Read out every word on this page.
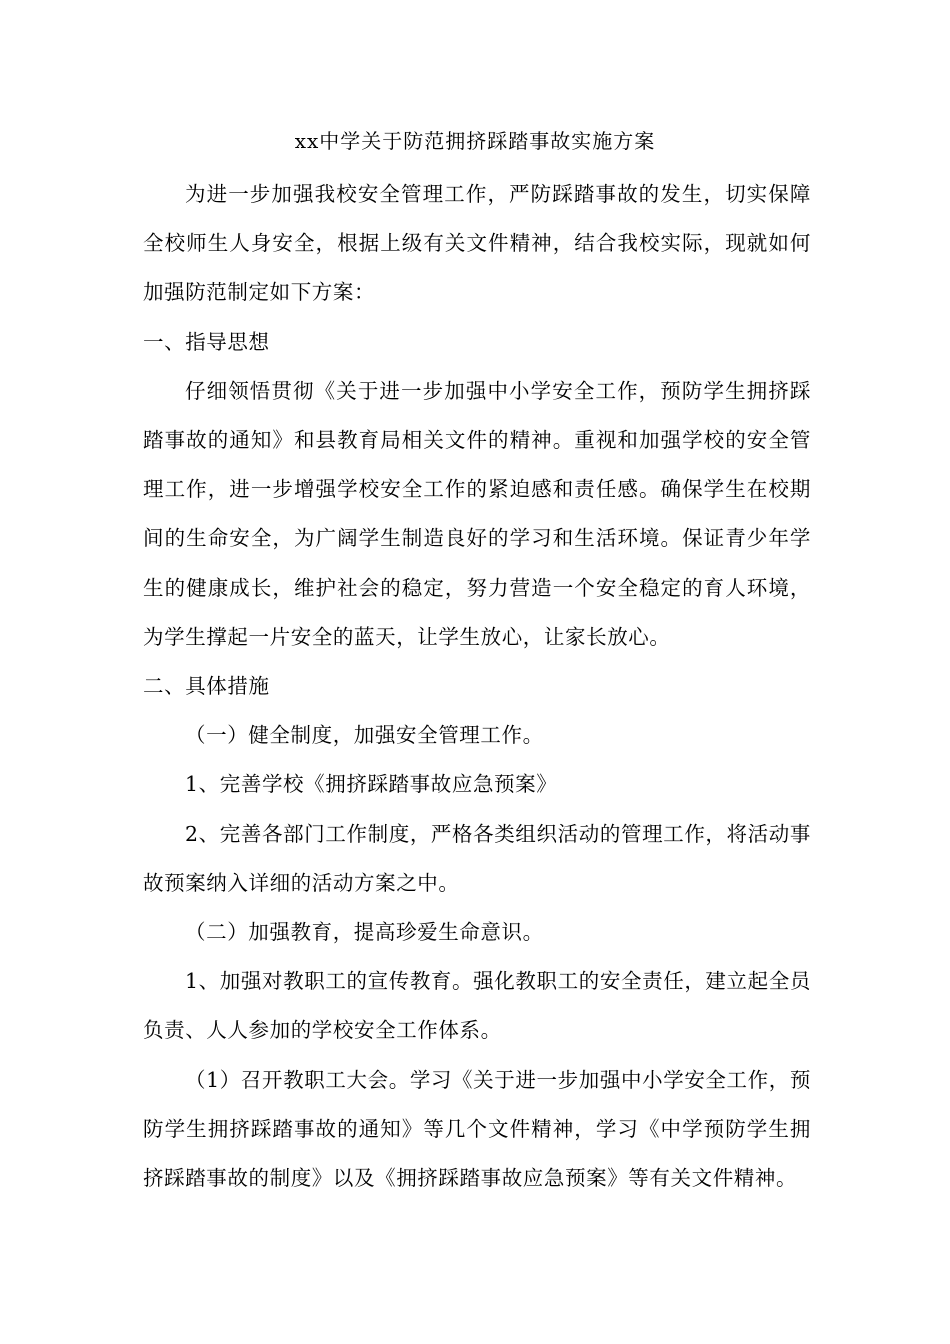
xx中学关于防范拥挤踩踏事故实施方案

为进一步加强我校安全管理工作，严防踩踏事故的发生，切实保障全校师生人身安全，根据上级有关文件精神，结合我校实际，现就如何加强防范制定如下方案：

一、指导思想

仔细领悟贯彻《关于进一步加强中小学安全工作，预防学生拥挤踩踏事故的通知》和县教育局相关文件的精神。重视和加强学校的安全管理工作，进一步增强学校安全工作的紧迫感和责任感。确保学生在校期间的生命安全，为广阔学生制造良好的学习和生活环境。保证青少年学生的健康成长，维护社会的稳定，努力营造一个安全稳定的育人环境，为学生撑起一片安全的蓝天，让学生放心，让家长放心。

二、具体措施

（一）健全制度，加强安全管理工作。

1、完善学校《拥挤踩踏事故应急预案》

2、完善各部门工作制度，严格各类组织活动的管理工作，将活动事故预案纳入详细的活动方案之中。

（二）加强教育，提高珍爱生命意识。

1、加强对教职工的宣传教育。强化教职工的安全责任，建立起全员负责、人人参加的学校安全工作体系。

（1）召开教职工大会。学习《关于进一步加强中小学安全工作，预防学生拥挤踩踏事故的通知》等几个文件精神，学习《中学预防学生拥挤踩踏事故的制度》以及《拥挤踩踏事故应急预案》等有关文件精神。
